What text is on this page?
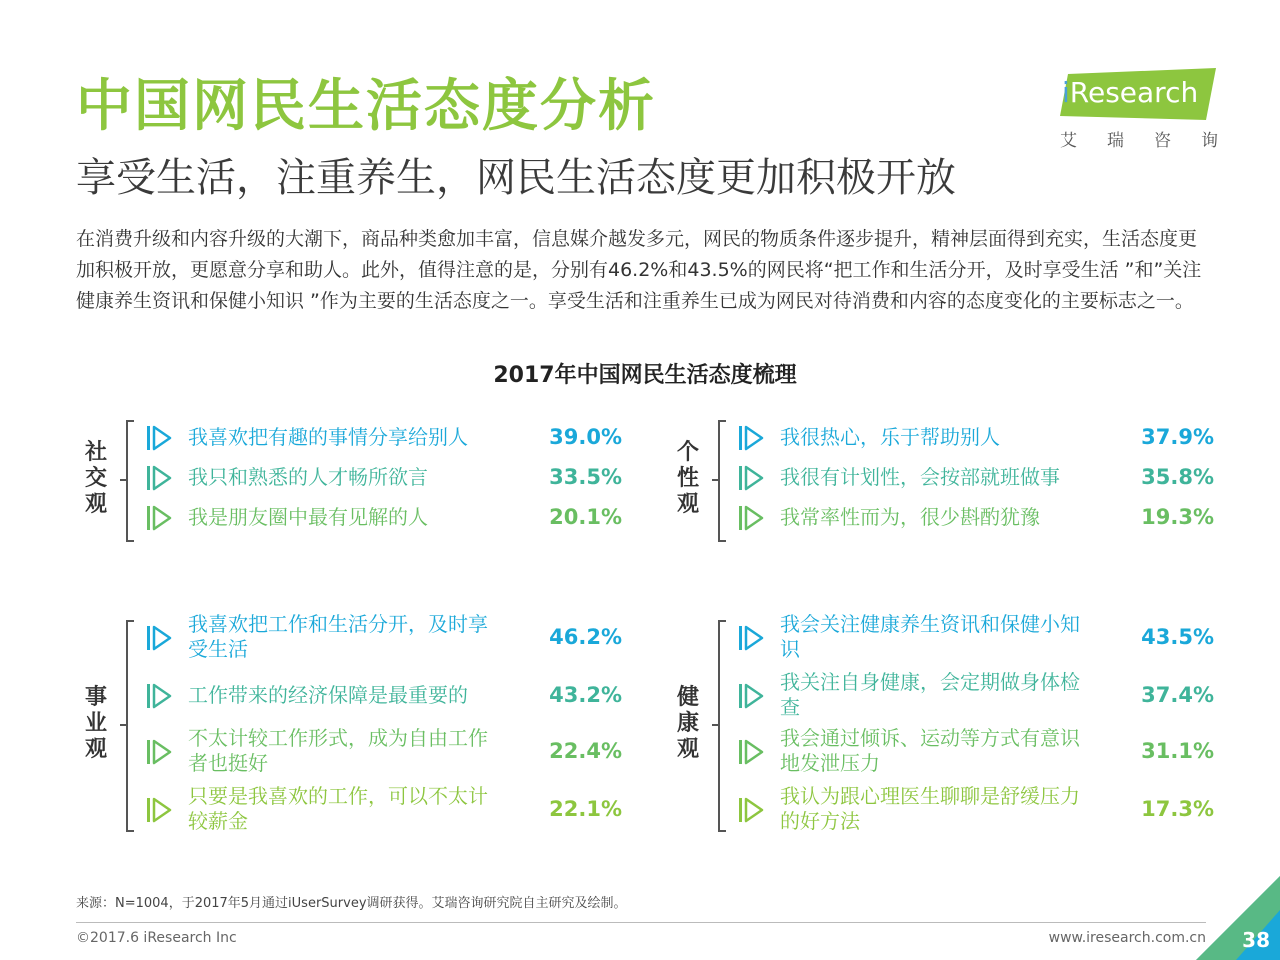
中国网民生活态度分析
享受生活，注重养生，网民生活态度更加积极开放
在消费升级和内容升级的大潮下，商品种类愈加丰富，信息媒介越发多元，网民的物质条件逐步提升，精神层面得到充实，生活态度更加积极开放，更愿意分享和助人。此外，值得注意的是，分别有46.2%和43.5%的网民将“把工作和生活分开，及时享受生活 ”和”关注健康养生资讯和保健小知识 ”作为主要的生活态度之一。享受生活和注重养生已成为网民对待消费和内容的态度变化的主要标志之一。
iResearch
艾瑞咨询
2017年中国网民生活态度梳理
社
交
观
我喜欢把有趣的事情分享给别人	39.0%
我只和熟悉的人才畅所欲言	33.5%
我是朋友圈中最有见解的人	20.1%
个
性
观
我很热心，乐于帮助别人	37.9%
我很有计划性，会按部就班做事	35.8%
我常率性而为，很少斟酌犹豫	19.3%
事
业
观
我喜欢把工作和生活分开，及时享受生活	46.2%
工作带来的经济保障是最重要的	43.2%
不太计较工作形式，成为自由工作者也挺好	22.4%
只要是我喜欢的工作，可以不太计较薪金	22.1%
健
康
观
我会关注健康养生资讯和保健小知识	43.5%
我关注自身健康，会定期做身体检查	37.4%
我会通过倾诉、运动等方式有意识地发泄压力	31.1%
我认为跟心理医生聊聊是舒缓压力的好方法	17.3%
来源：N=1004，于2017年5月通过iUserSurvey调研获得。艾瑞咨询研究院自主研究及绘制。
©2017.6 iResearch Inc	www.iresearch.com.cn 38
